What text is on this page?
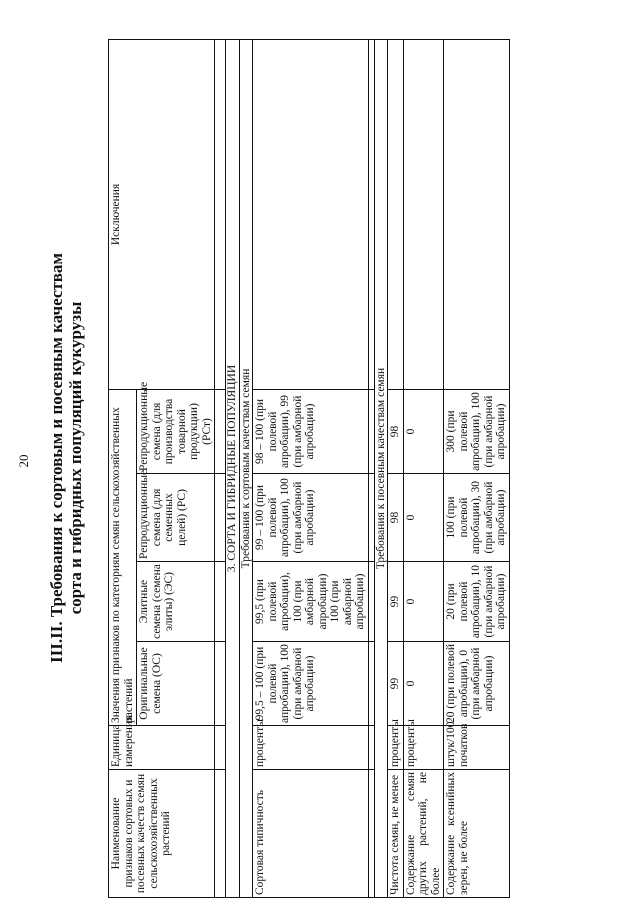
20 III.II. Требования к сортовым и посевным качествам сорта и гибридных популяций кукурузы
Наименование признаков сортовых и посевных качеств семян сельскохозяйственных растений	Единица измерения	Значения признаков по категориям семян сельскохозяйственных растений				Исключения
		Оригинальные семена (ОС)	Элитные семена (семена элиты) (ЭС)	Репродукционные семена (для семенных целей) (РС)	Репродукционные семена (для производства товарной продукции) (РСт)	

3. СОРТА И ГИБРИДНЫЕ ПОПУЛЯЦИИ						
Требования к сортовым качествам семян						
Сортовая типичность	проценты	99,5 – 100 (при полевой апробации), 100 (при амбарной апробации)	99,5 (при полевой апробации), 100 (при амбарной апробации) 100 (при амбарной апробации)	99 – 100 (при полевой апробации), 100 (при амбарной апробации)	98 – 100 (при полевой апробации), 99 (при амбарной апробации)	

Требования к посевным качествам семян						
Чистота семян, не менее	проценты	99	99	98	98	
Содержание семян других растений, не более	проценты	0	0	0	0	
Содержание ксенийных зерен, не более	штук/100 початков	20 (при полевой апробации), 0 (при амбарной апробации)	20 (при полевой апробации), 10 (при амбарной апробации)	100 (при полевой апробации), 30 (при амбарной апробации)	300 (при полевой апробации), 100 (при амбарной апробации)	
